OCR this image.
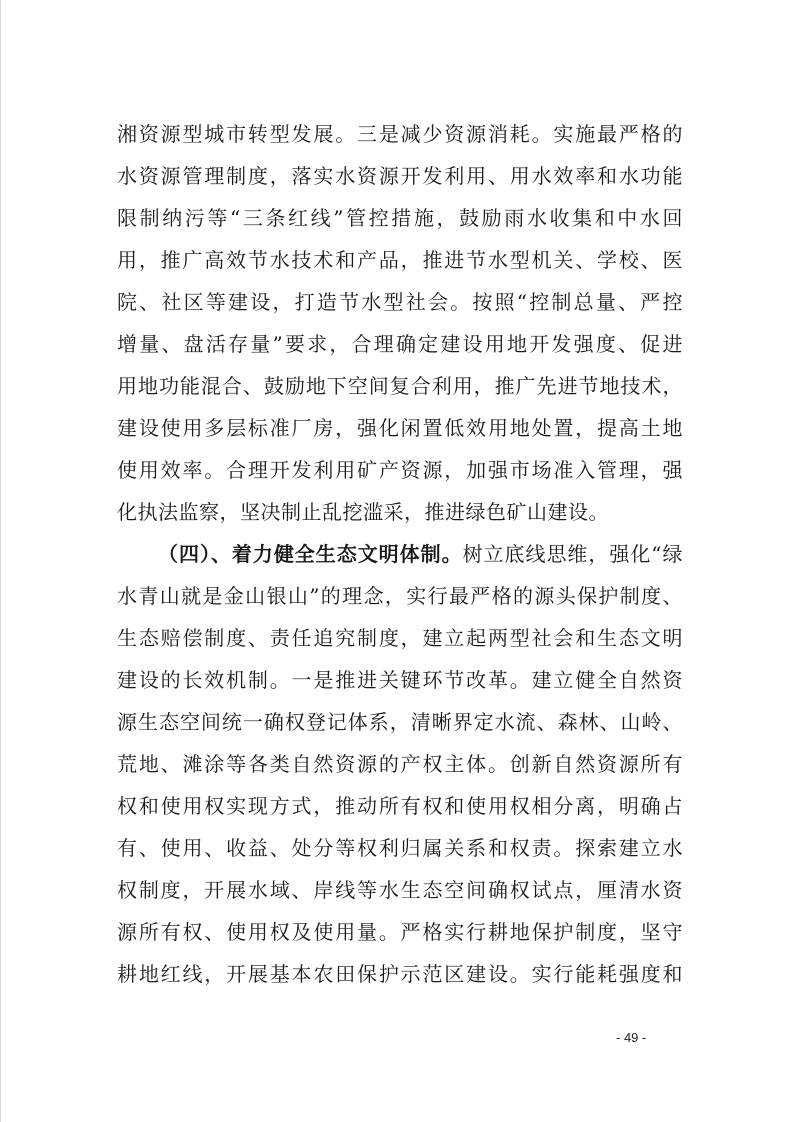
湘资源型城市转型发展。三是减少资源消耗。实施最严格的
水资源管理制度，落实水资源开发利用、用水效率和水功能
限制纳污等“三条红线”管控措施，鼓励雨水收集和中水回
用，推广高效节水技术和产品，推进节水型机关、学校、医
院、社区等建设，打造节水型社会。按照“控制总量、严控
增量、盘活存量”要求，合理确定建设用地开发强度、促进
用地功能混合、鼓励地下空间复合利用，推广先进节地技术，
建设使用多层标准厂房，强化闲置低效用地处置，提高土地
使用效率。合理开发利用矿产资源，加强市场准入管理，强
化执法监察，坚决制止乱挖滥采，推进绿色矿山建设。
（四）、着力健全生态文明体制。树立底线思维，强化“绿
水青山就是金山银山”的理念，实行最严格的源头保护制度、
生态赔偿制度、责任追究制度，建立起两型社会和生态文明
建设的长效机制。一是推进关键环节改革。建立健全自然资
源生态空间统一确权登记体系，清晰界定水流、森林、山岭、
荒地、滩涂等各类自然资源的产权主体。创新自然资源所有
权和使用权实现方式，推动所有权和使用权相分离，明确占
有、使用、收益、处分等权利归属关系和权责。探索建立水
权制度，开展水域、岸线等水生态空间确权试点，厘清水资
源所有权、使用权及使用量。严格实行耕地保护制度，坚守
耕地红线，开展基本农田保护示范区建设。实行能耗强度和
- 49 -
